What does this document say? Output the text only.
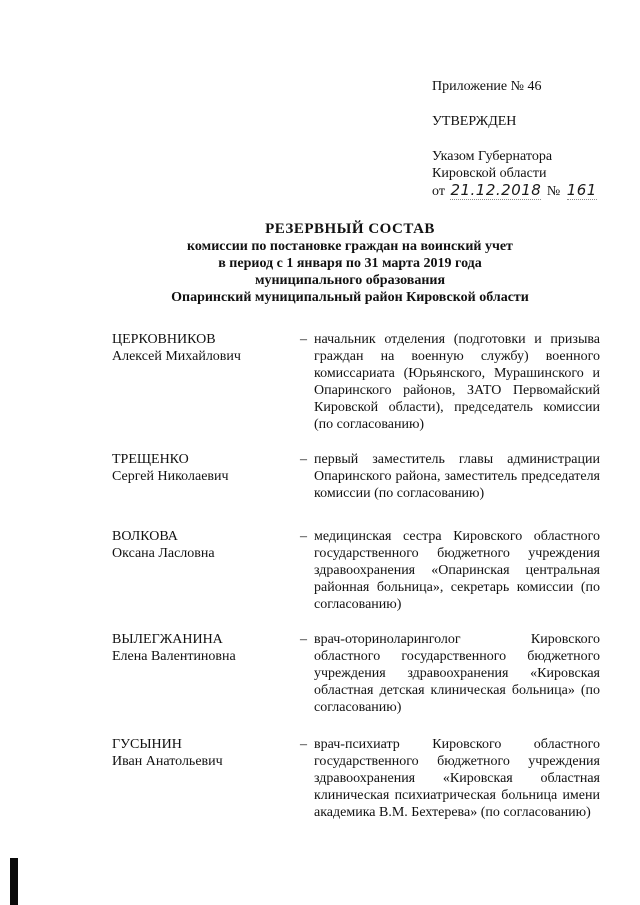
Приложение № 46
УТВЕРЖДЕН
Указом Губернатора
Кировской области
от 21.12.2018 № 161
РЕЗЕРВНЫЙ СОСТАВ
комиссии по постановке граждан на воинский учет
в период с 1 января по 31 марта 2019 года
муниципального образования
Опаринский муниципальный район Кировской области
ЦЕРКОВНИКОВ
Алексей Михайлович
– начальник отделения (подготовки и призыва граждан на военную службу) военного комиссариата (Юрьянского, Мурашинского и Опаринского районов, ЗАТО Первомайский Кировской области), председатель комиссии (по согласованию)
ТРЕЩЕНКО
Сергей Николаевич
– первый заместитель главы администрации Опаринского района, заместитель председателя комиссии (по согласованию)
ВОЛКОВА
Оксана Ласловна
– медицинская сестра Кировского областного государственного бюджетного учреждения здравоохранения «Опаринская центральная районная больница», секретарь комиссии (по согласованию)
ВЫЛЕГЖАНИНА
Елена Валентиновна
– врач-оториноларинголог Кировского областного государственного бюджетного учреждения здравоохранения «Кировская областная детская клиническая больница» (по согласованию)
ГУСЫНИН
Иван Анатольевич
– врач-психиатр Кировского областного государственного бюджетного учреждения здравоохранения «Кировская областная клиническая психиатрическая больница имени академика В.М. Бехтерева» (по согласованию)
